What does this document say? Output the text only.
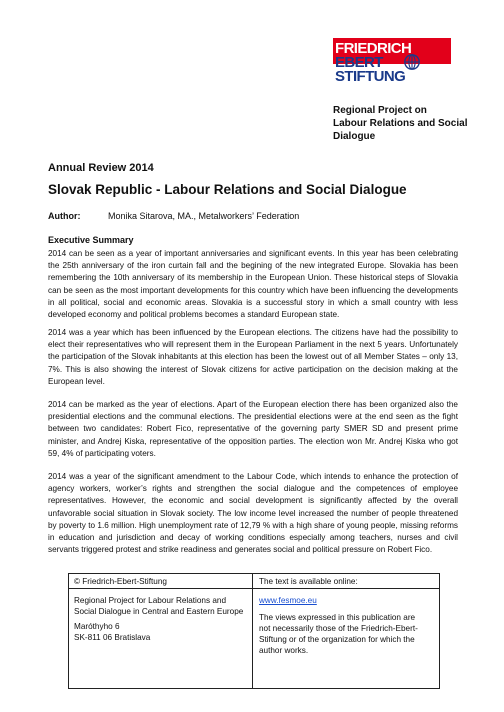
FRIEDRICH
EBERT
STIFTUNG
Regional Project on
Labour Relations and Social
Dialogue
Annual Review 2014
Slovak Republic - Labour Relations and Social Dialogue
Author:	Monika Sitarova, MA., Metalworkers’ Federation
Executive Summary
2014 can be seen as a year of important anniversaries and significant events. In this year has been celebrating the 25th anniversary of the iron curtain fall and the begining of the new integrated Europe. Slovakia has been remembering the 10th anniversary of its membership in the European Union. These historical steps of Slovakia can be seen as the most important developments for this country which have been influencing the developments in all political, social and economic areas. Slovakia is a successful story in which a small country with less developed economy and political problems becomes a standard European state.
2014 was a year which has been influenced by the European elections. The citizens have had the possibility to elect their representatives who will represent them in the European Parliament in the next 5 years. Unfortunately the participation of the Slovak inhabitants at this election has been the lowest out of all Member States – only 13, 7%. This is also showing the interest of Slovak citizens for active participation on the decision making at the European level.
2014 can be marked as the year of elections. Apart of the European election there has been organized also the presidential elections and the communal elections. The presidential elections were at the end seen as the fight between two candidates: Robert Fico, representative of the governing party SMER SD and present prime minister, and Andrej Kiska, representative of the opposition parties. The election won Mr. Andrej Kiska who got 59, 4% of participating voters.
2014 was a year of the significant amendment to the Labour Code, which intends to enhance the protection of agency workers, worker’s rights and strengthen the social dialogue and the competences of employee representatives. However, the economic and social development is significantly affected by the overall unfavorable social situation in Slovak society. The low income level increased the number of people threatened by poverty to 1.6 million. High unemployment rate of 12,79 % with a high share of young people, missing reforms in education and jurisdiction and decay of working conditions especially among teachers, nurses and civil servants triggered protest and strike readiness and generates social and political pressure on Robert Fico.
© Friedrich-Ebert-Stiftung	The text is available online:
Regional Project for Labour Relations and
Social Dialogue in Central and Eastern Europe
Maróthyho 6
SK-811 06 Bratislava
www.fesmoe.eu
The views expressed in this publication are
not necessarily those of the Friedrich-Ebert-
Stiftung or of the organization for which the
author works.
